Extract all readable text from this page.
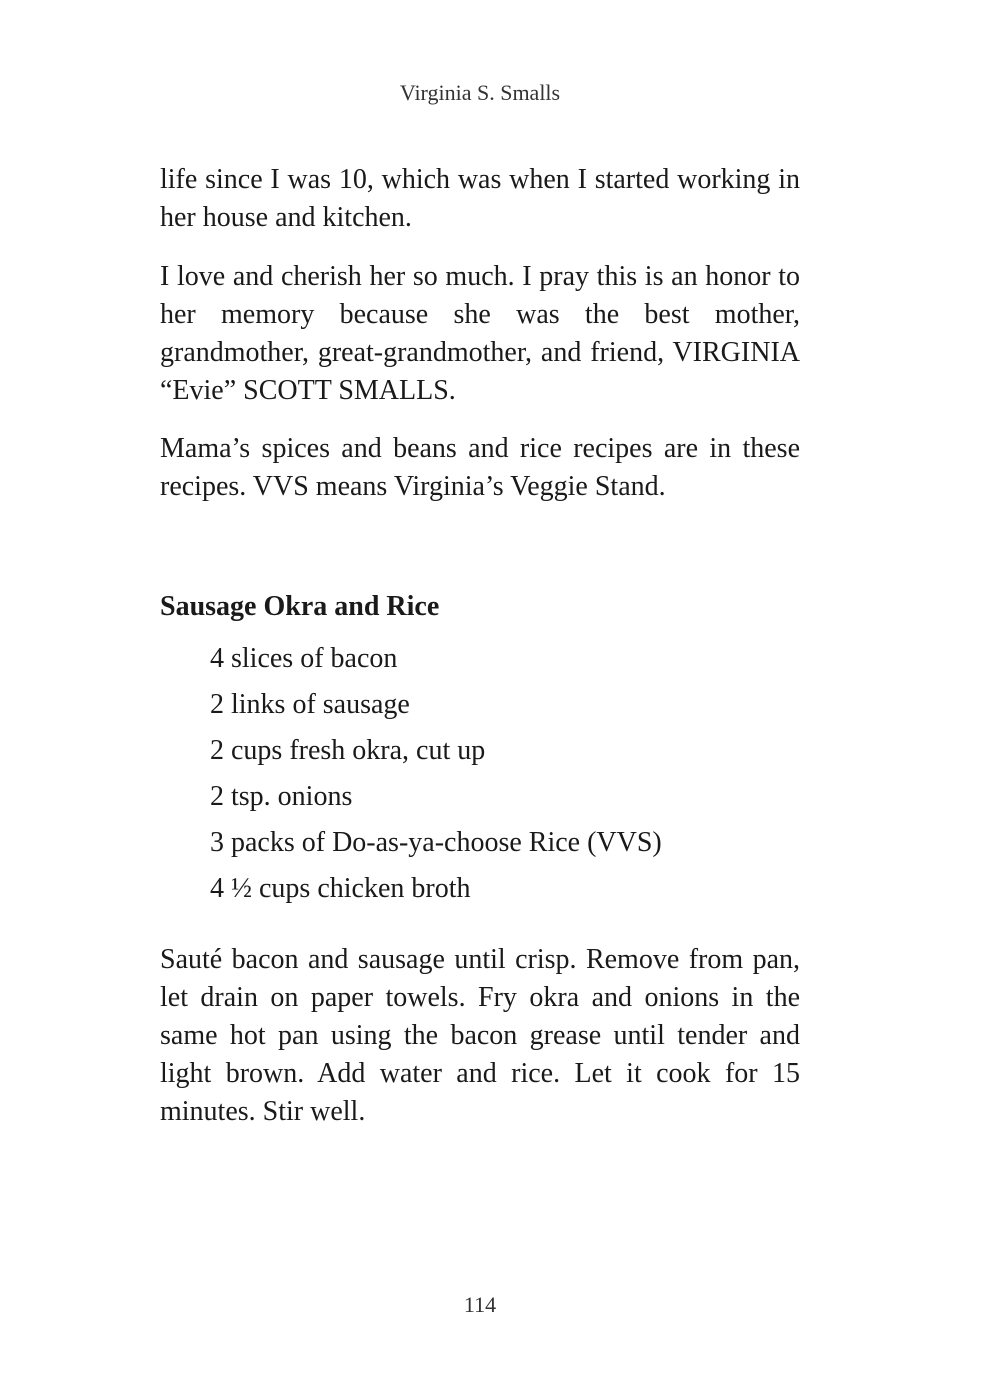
Virginia S. Smalls

life since I was 10, which was when I started working in her house and kitchen.

I love and cherish her so much. I pray this is an honor to her memory because she was the best mother, grandmother, great-grandmother, and friend, VIRGINIA “Evie” SCOTT SMALLS.

Mama’s spices and beans and rice recipes are in these recipes. VVS means Virginia’s Veggie Stand.

Sausage Okra and Rice
4 slices of bacon
2 links of sausage
2 cups fresh okra, cut up
2 tsp. onions
3 packs of Do-as-ya-choose Rice (VVS)
4 ½ cups chicken broth

Sauté bacon and sausage until crisp. Remove from pan, let drain on paper towels. Fry okra and onions in the same hot pan using the bacon grease until tender and light brown. Add water and rice. Let it cook for 15 minutes. Stir well.

114
